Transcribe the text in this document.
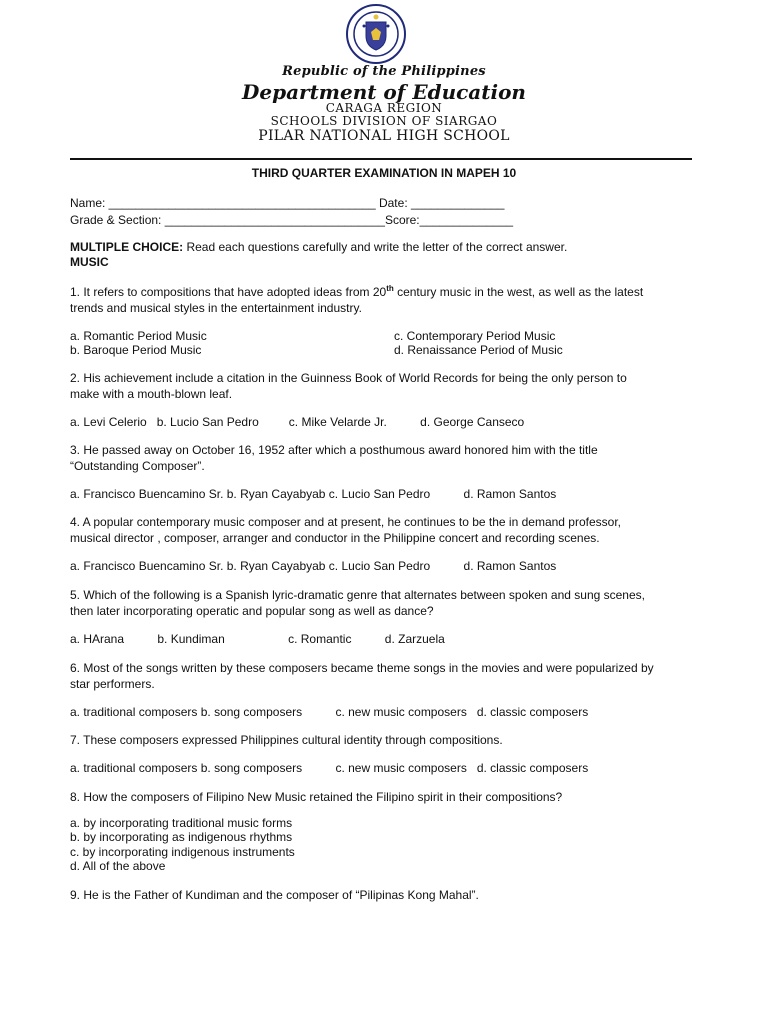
Republic of the Philippines
Department of Education
CARAGA REGION
SCHOOLS DIVISION OF SIARGAO
PILAR NATIONAL HIGH SCHOOL
THIRD QUARTER EXAMINATION IN MAPEH 10
Name: ________________________________________ Date: ______________
Grade & Section: _________________________________Score:______________
MULTIPLE CHOICE: Read each questions carefully and write the letter of the correct answer.
MUSIC
1. It refers to compositions that have adopted ideas from 20th century music in the west, as well as the latest
trends and musical styles in the entertainment industry.
a. Romantic Period Music	c. Contemporary Period Music
b. Baroque Period Music	d. Renaissance Period of Music
2. His achievement include a citation in the Guinness Book of World Records for being the only person to
make with a mouth-blown leaf.
a. Levi Celerio   b. Lucio San Pedro         c. Mike Velarde Jr.          d. George Canseco
3. He passed away on October 16, 1952 after which a posthumous award honored him with the title
“Outstanding Composer”.
a. Francisco Buencamino Sr. b. Ryan Cayabyab c. Lucio San Pedro          d. Ramon Santos
4. A popular contemporary music composer and at present, he continues to be the in demand professor,
musical director , composer, arranger and conductor in the Philippine concert and recording scenes.
a. Francisco Buencamino Sr. b. Ryan Cayabyab c. Lucio San Pedro          d. Ramon Santos
5. Which of the following is a Spanish lyric-dramatic genre that alternates between spoken and sung scenes,
then later incorporating operatic and popular song as well as dance?
a. HArana          b. Kundiman                   c. Romantic          d. Zarzuela
6. Most of the songs written by these composers became theme songs in the movies and were popularized by
star performers.
a. traditional composers b. song composers          c. new music composers   d. classic composers
7. These composers expressed Philippines cultural identity through compositions.
a. traditional composers b. song composers          c. new music composers   d. classic composers
8. How the composers of Filipino New Music retained the Filipino spirit in their compositions?
a. by incorporating traditional music forms
b. by incorporating as indigenous rhythms
c. by incorporating indigenous instruments
d. All of the above
9. He is the Father of Kundiman and the composer of “Pilipinas Kong Mahal”.
